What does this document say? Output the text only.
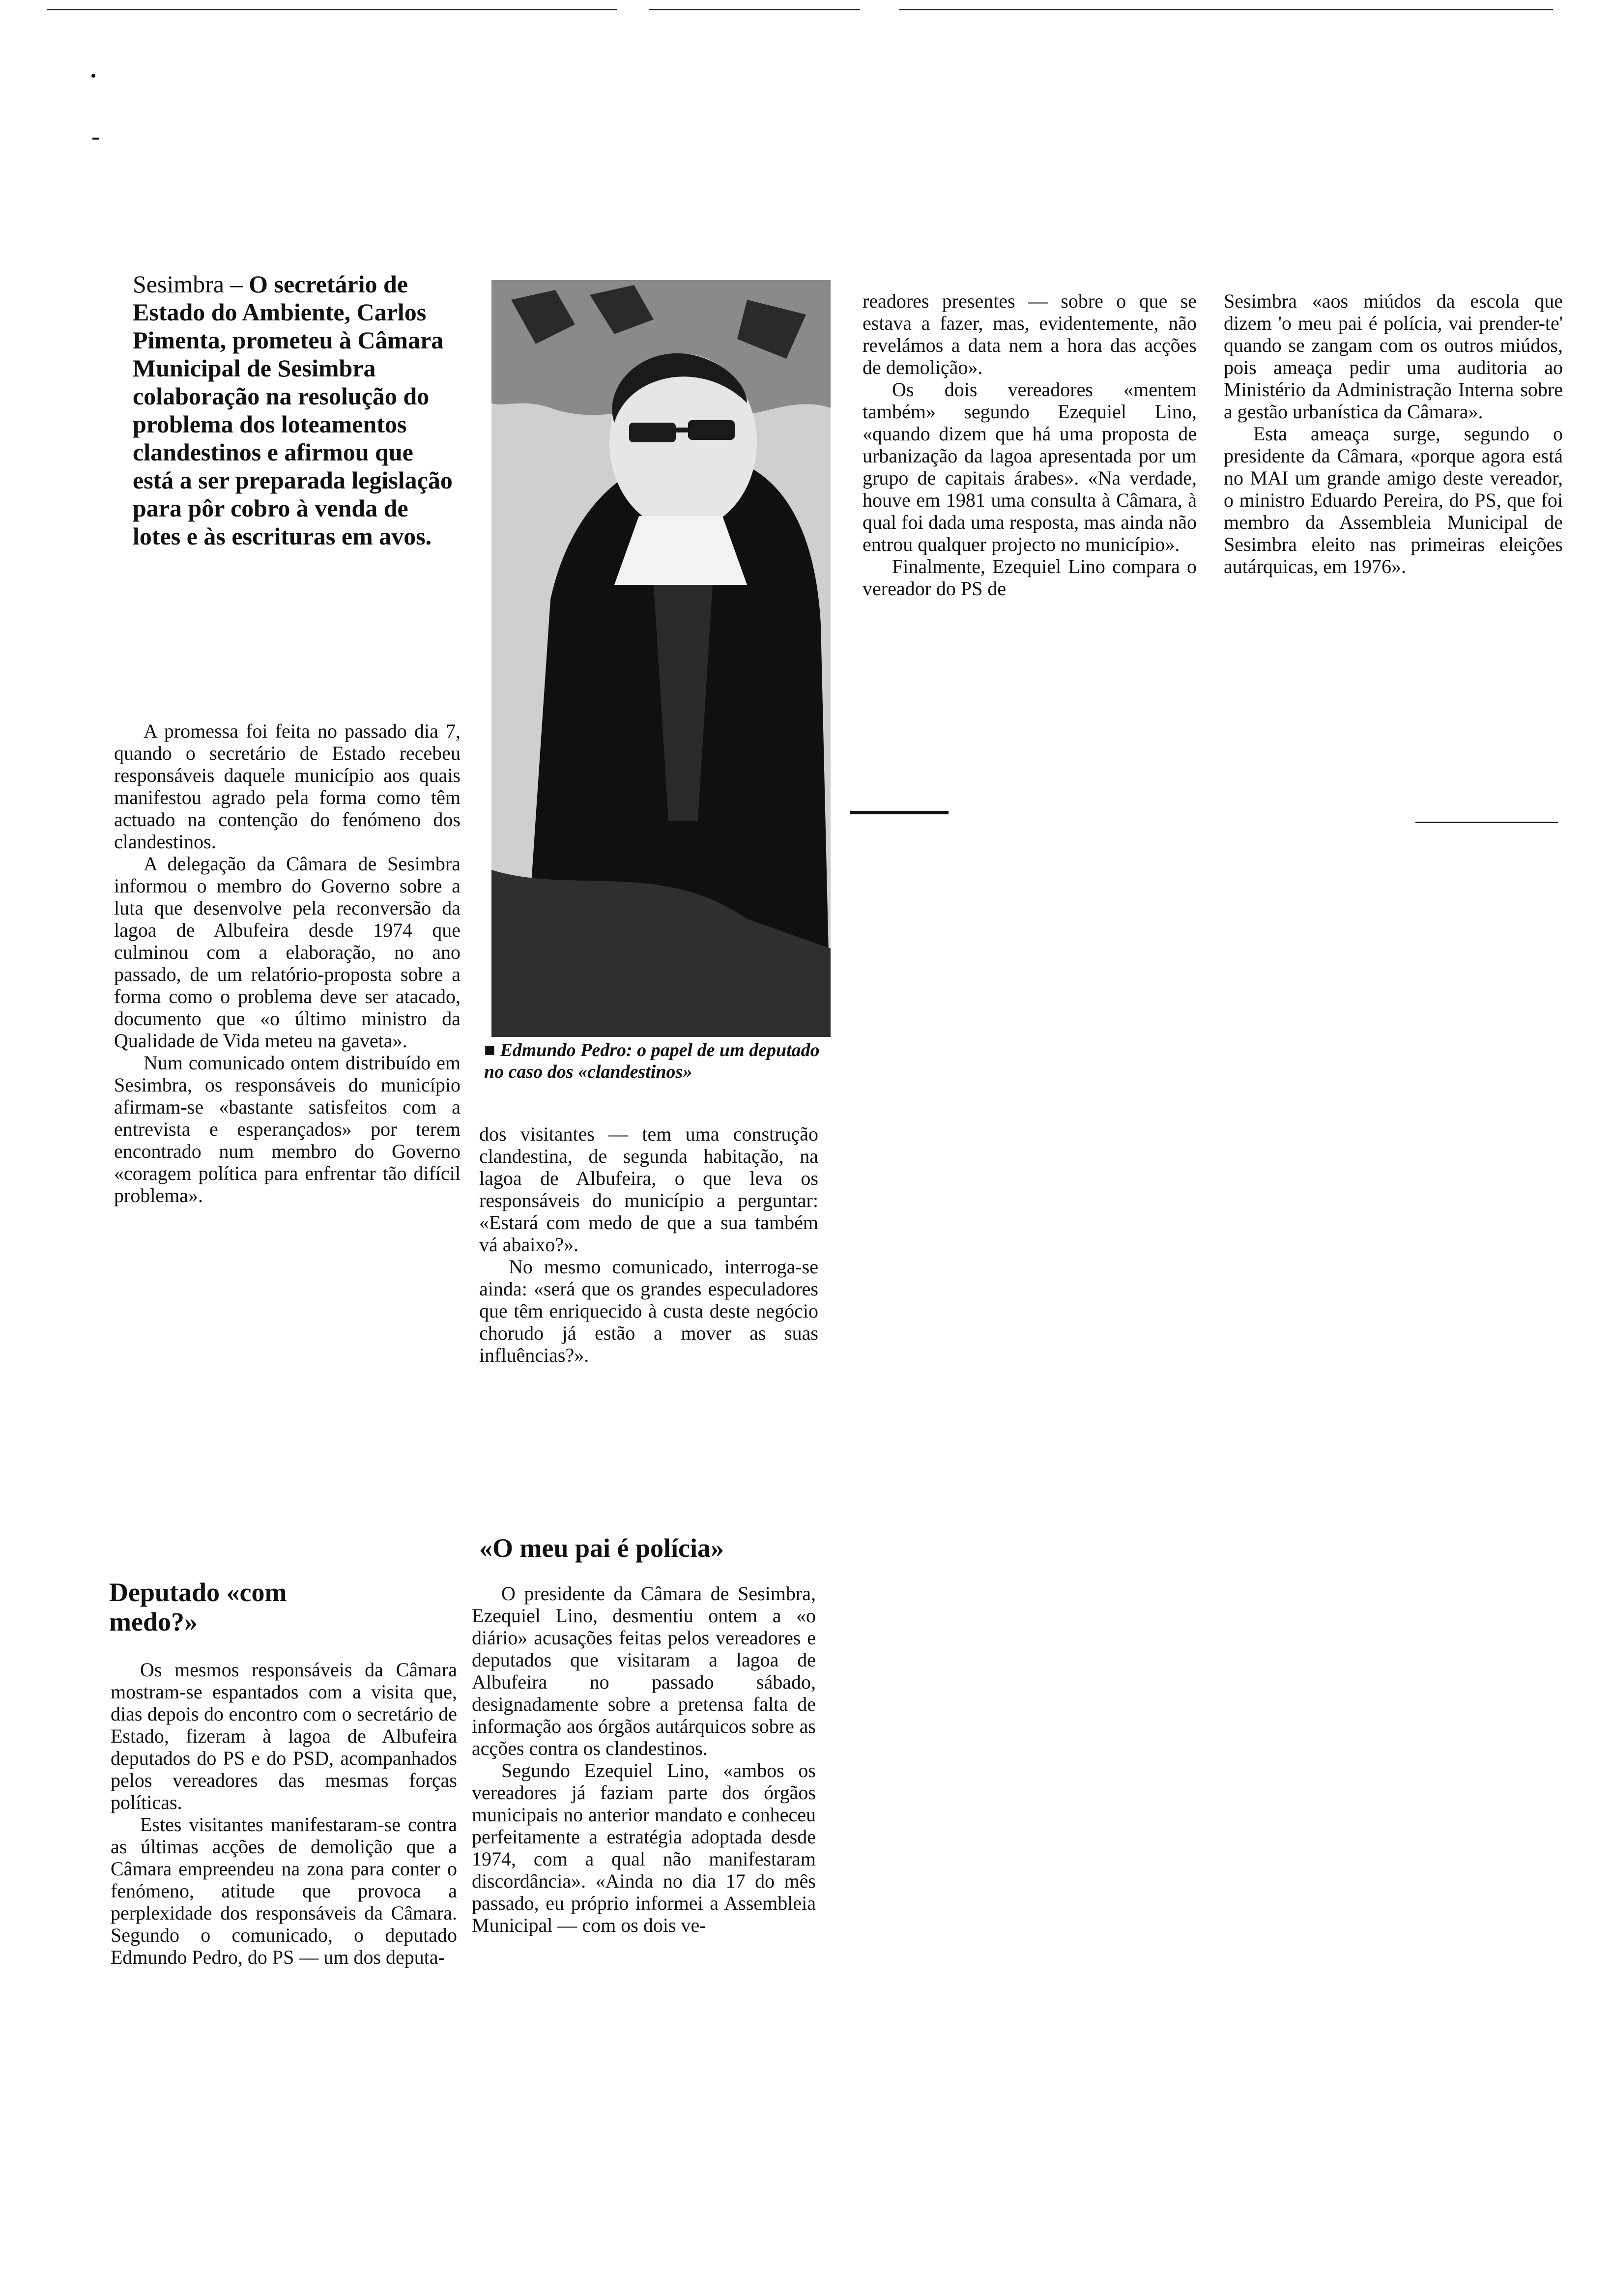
Sesimbra – O secretário de Estado do Ambiente, Carlos Pimenta, prometeu à Câmara Municipal de Sesimbra colaboração na resolução do problema dos loteamentos clandestinos e afirmou que está a ser preparada legislação para pôr cobro à venda de lotes e às escrituras em avos.

A promessa foi feita no passado dia 7, quando o secretário de Estado recebeu responsáveis daquele município aos quais manifestou agrado pela forma como têm actuado na contenção do fenómeno dos clandestinos.

A delegação da Câmara de Sesimbra informou o membro do Governo sobre a luta que desenvolve pela reconversão da lagoa de Albufeira desde 1974 que culminou com a elaboração, no ano passado, de um relatório-proposta sobre a forma como o problema deve ser atacado, documento que «o último ministro da Qualidade de Vida meteu na gaveta».

Num comunicado ontem distribuído em Sesimbra, os responsáveis do município afirmam-se «bastante satisfeitos com a entrevista e esperançados» por terem encontrado num membro do Governo «coragem política para enfrentar tão difícil problema».

Deputado «com medo?»

Os mesmos responsáveis da Câmara mostram-se espantados com a visita que, dias depois do encontro com o secretário de Estado, fizeram à lagoa de Albufeira deputados do PS e do PSD, acompanhados pelos vereadores das mesmas forças políticas.

Estes visitantes manifestaram-se contra as últimas acções de demolição que a Câmara empreendeu na zona para conter o fenómeno, atitude que provoca a perplexidade dos responsáveis da Câmara. Segundo o comunicado, o deputado Edmundo Pedro, do PS — um dos deputa-

■ Edmundo Pedro: o papel de um deputado no caso dos «clandestinos»

dos visitantes — tem uma construção clandestina, de segunda habitação, na lagoa de Albufeira, o que leva os responsáveis do município a perguntar: «Estará com medo de que a sua também vá abaixo?».

No mesmo comunicado, interroga-se ainda: «será que os grandes especuladores que têm enriquecido à custa deste negócio chorudo já estão a mover as suas influências?».

«O meu pai é polícia»

O presidente da Câmara de Sesimbra, Ezequiel Lino, desmentiu ontem a «o diário» acusações feitas pelos vereadores e deputados que visitaram a lagoa de Albufeira no passado sábado, designadamente sobre a pretensa falta de informação aos órgãos autárquicos sobre as acções contra os clandestinos.

Segundo Ezequiel Lino, «ambos os vereadores já faziam parte dos órgãos municipais no anterior mandato e conheceu perfeitamente a estratégia adoptada desde 1974, com a qual não manifestaram discordância». «Ainda no dia 17 do mês passado, eu próprio informei a Assembleia Municipal — com os dois ve-

readores presentes — sobre o que se estava a fazer, mas, evidentemente, não revelámos a data nem a hora das acções de demolição».

Os dois vereadores «mentem também» segundo Ezequiel Lino, «quando dizem que há uma proposta de urbanização da lagoa apresentada por um grupo de capitais árabes». «Na verdade, houve em 1981 uma consulta à Câmara, à qual foi dada uma resposta, mas ainda não entrou qualquer projecto no município».

Finalmente, Ezequiel Lino compara o vereador do PS de

Sesimbra «aos miúdos da escola que dizem 'o meu pai é polícia, vai prender-te' quando se zangam com os outros miúdos, pois ameaça pedir uma auditoria ao Ministério da Administração Interna sobre a gestão urbanística da Câmara».

Esta ameaça surge, segundo o presidente da Câmara, «porque agora está no MAI um grande amigo deste vereador, o ministro Eduardo Pereira, do PS, que foi membro da Assembleia Municipal de Sesimbra eleito nas primeiras eleições autárquicas, em 1976».
